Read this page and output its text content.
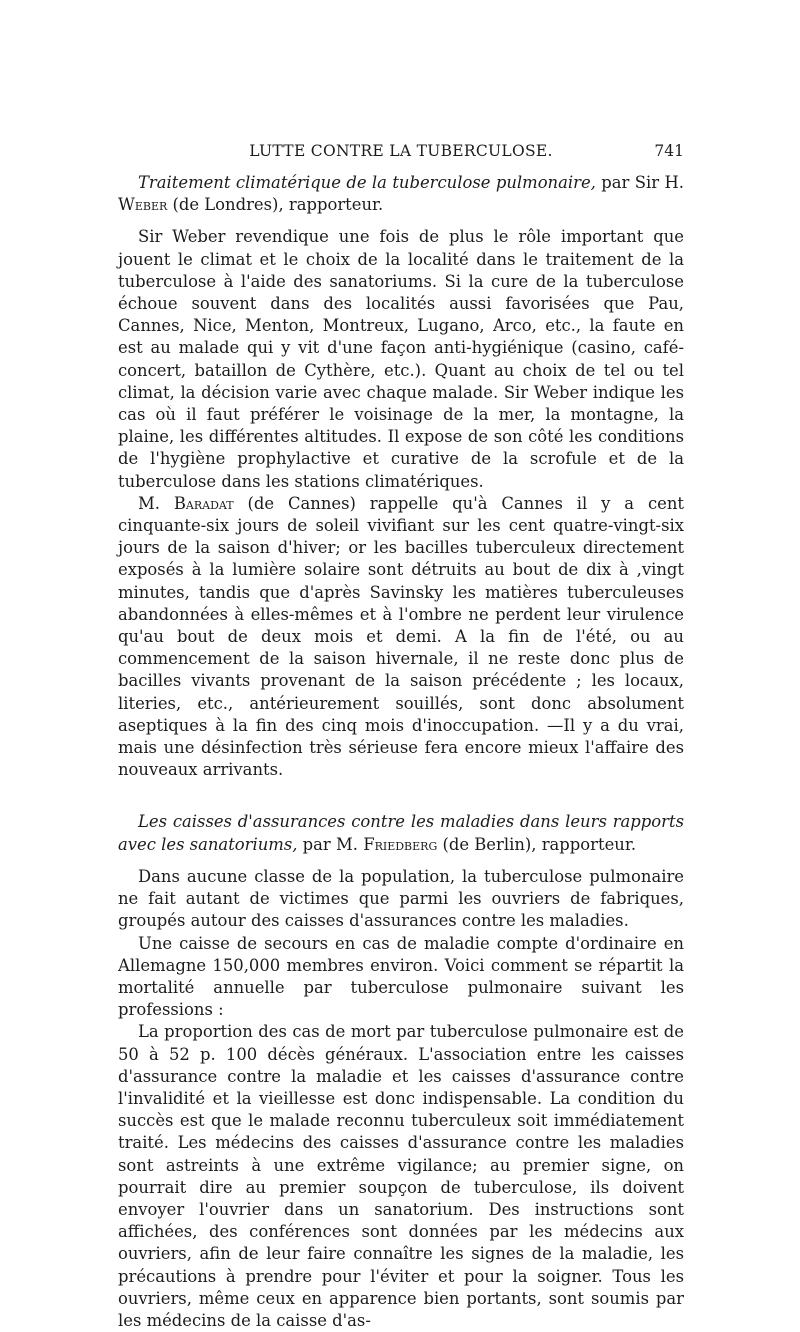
LUTTE CONTRE LA TUBERCULOSE.	741

Traitement climatérique de la tuberculose pulmonaire, par Sir H. Weber (de Londres), rapporteur.

Sir Weber revendique une fois de plus le rôle important que jouent le climat et le choix de la localité dans le traitement de la tuberculose à l'aide des sanatoriums. Si la cure de la tuberculose échoue souvent dans des localités aussi favorisées que Pau, Cannes, Nice, Menton, Montreux, Lugano, Arco, etc., la faute en est au malade qui y vit d'une façon anti-hygiénique (casino, café-concert, bataillon de Cythère, etc.). Quant au choix de tel ou tel climat, la décision varie avec chaque malade. Sir Weber indique les cas où il faut préférer le voisinage de la mer, la montagne, la plaine, les différentes altitudes. Il expose de son côté les conditions de l'hygiène prophylactive et curative de la scrofule et de la tuberculose dans les stations climatériques.

M. Baradat (de Cannes) rappelle qu'à Cannes il y a cent cinquante-six jours de soleil vivifiant sur les cent quatre-vingt-six jours de la saison d'hiver; or les bacilles tuberculeux directement exposés à la lumière solaire sont détruits au bout de dix à ,vingt minutes, tandis que d'après Savinsky les matières tuberculeuses abandonnées à elles-mêmes et à l'ombre ne perdent leur virulence qu'au bout de deux mois et demi. A la fin de l'été, ou au commencement de la saison hivernale, il ne reste donc plus de bacilles vivants provenant de la saison précédente ; les locaux, literies, etc., antérieurement souillés, sont donc absolument aseptiques à la fin des cinq mois d'inoccupation. —Il y a du vrai, mais une désinfection très sérieuse fera encore mieux l'affaire des nouveaux arrivants.

Les caisses d'assurances contre les maladies dans leurs rapports avec les sanatoriums, par M. Friedberg (de Berlin), rapporteur.

Dans aucune classe de la population, la tuberculose pulmonaire ne fait autant de victimes que parmi les ouvriers de fabriques, groupés autour des caisses d'assurances contre les maladies.

Une caisse de secours en cas de maladie compte d'ordinaire en Allemagne 150,000 membres environ. Voici comment se répartit la mortalité annuelle par tuberculose pulmonaire suivant les professions :

La proportion des cas de mort par tuberculose pulmonaire est de 50 à 52 p. 100 décès généraux. L'association entre les caisses d'assurance contre la maladie et les caisses d'assurance contre l'invalidité et la vieillesse est donc indispensable. La condition du succès est que le malade reconnu tuberculeux soit immédiatement traité. Les médecins des caisses d'assurance contre les maladies sont astreints à une extrême vigilance; au premier signe, on pourrait dire au premier soupçon de tuberculose, ils doivent envoyer l'ouvrier dans un sanatorium. Des instructions sont affichées, des conférences sont données par les médecins aux ouvriers, afin de leur faire connaître les signes de la maladie, les précautions à prendre pour l'éviter et pour la soigner. Tous les ouvriers, même ceux en apparence bien portants, sont soumis par les médecins de la caisse d'as-
